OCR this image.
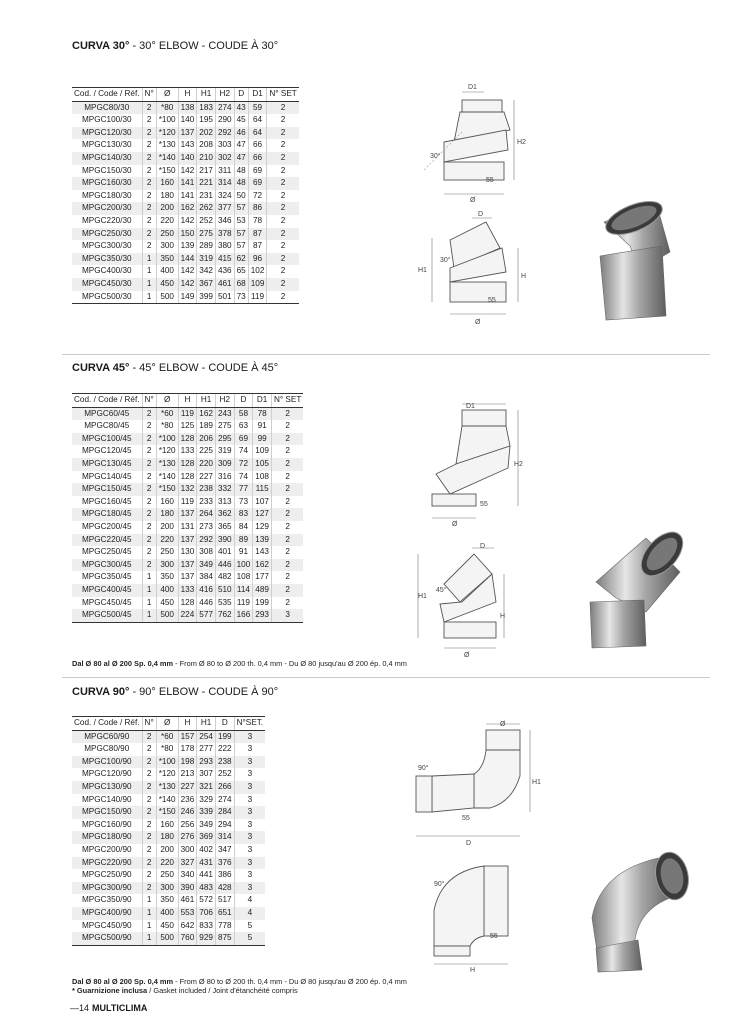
CURVA 30° - 30° ELBOW - COUDE À 30°
Cod. / Code / Réf.	N°	Ø	H	H1	H2	D	D1	N° SET
MPGC80/30	2	*80	138	183	274	43	59	2
MPGC100/30	2	*100	140	195	290	45	64	2
MPGC120/30	2	*120	137	202	292	46	64	2
MPGC130/30	2	*130	143	208	303	47	66	2
MPGC140/30	2	*140	140	210	302	47	66	2
MPGC150/30	2	*150	142	217	311	48	69	2
MPGC160/30	2	160	141	221	314	48	69	2
MPGC180/30	2	180	141	231	324	50	72	2
MPGC200/30	2	200	162	262	377	57	86	2
MPGC220/30	2	220	142	252	346	53	78	2
MPGC250/30	2	250	150	275	378	57	87	2
MPGC300/30	2	300	139	289	380	57	87	2
MPGC350/30	1	350	144	319	415	62	96	2
MPGC400/30	1	400	142	342	436	65	102	2
MPGC450/30	1	450	142	367	461	68	109	2
MPGC500/30	1	500	149	399	501	73	119	2
D1
H2
30°
55
Ø
D
H1
30°
H
55
Ø
CURVA 45° - 45° ELBOW - COUDE À 45°
Cod. / Code / Réf.	N°	Ø	H	H1	H2	D	D1	N° SET
MPGC60/45	2	*60	119	162	243	58	78	2
MPGC80/45	2	*80	125	189	275	63	91	2
MPGC100/45	2	*100	128	206	295	69	99	2
MPGC120/45	2	*120	133	225	319	74	109	2
MPGC130/45	2	*130	128	220	309	72	105	2
MPGC140/45	2	*140	128	227	316	74	108	2
MPGC150/45	2	*150	132	238	332	77	115	2
MPGC160/45	2	160	119	233	313	73	107	2
MPGC180/45	2	180	137	264	362	83	127	2
MPGC200/45	2	200	131	273	365	84	129	2
MPGC220/45	2	220	137	292	390	89	139	2
MPGC250/45	2	250	130	308	401	91	143	2
MPGC300/45	2	300	137	349	446	100	162	2
MPGC350/45	1	350	137	384	482	108	177	2
MPGC400/45	1	400	133	416	510	114	489	2
MPGC450/45	1	450	128	446	535	119	199	2
MPGC500/45	1	500	224	577	762	166	293	3
D1
H2
55
Ø
D
H1
45°
H
Ø
Dal Ø 80 al Ø 200 Sp. 0,4 mm - From Ø 80 to Ø 200 th. 0,4 mm - Du Ø 80 jusqu'au Ø 200 ép. 0,4 mm
CURVA 90° - 90° ELBOW - COUDE À 90°
Cod. / Code / Réf.	N°	Ø	H	H1	D	N°SET.
MPGC60/90	2	*60	157	254	199	3
MPGC80/90	2	*80	178	277	222	3
MPGC100/90	2	*100	198	293	238	3
MPGC120/90	2	*120	213	307	252	3
MPGC130/90	2	*130	227	321	266	3
MPGC140/90	2	*140	236	329	274	3
MPGC150/90	2	*150	246	339	284	3
MPGC160/90	2	160	256	349	294	3
MPGC180/90	2	180	276	369	314	3
MPGC200/90	2	200	300	402	347	3
MPGC220/90	2	220	327	431	376	3
MPGC250/90	2	250	340	441	386	3
MPGC300/90	2	300	390	483	428	3
MPGC350/90	1	350	461	572	517	4
MPGC400/90	1	400	553	706	651	4
MPGC450/90	1	450	642	833	778	5
MPGC500/90	1	500	760	929	875	5
Ø
H1
90°
55
D
90°
55
H
Dal Ø 80 al Ø 200 Sp. 0,4 mm - From Ø 80 to Ø 200 th. 0,4 mm - Du Ø 80 jusqu'au Ø 200 ép. 0,4 mm
* Guarnizione inclusa / Gasket included / Joint d'étanchéité compris
—14 MULTICLIMA
